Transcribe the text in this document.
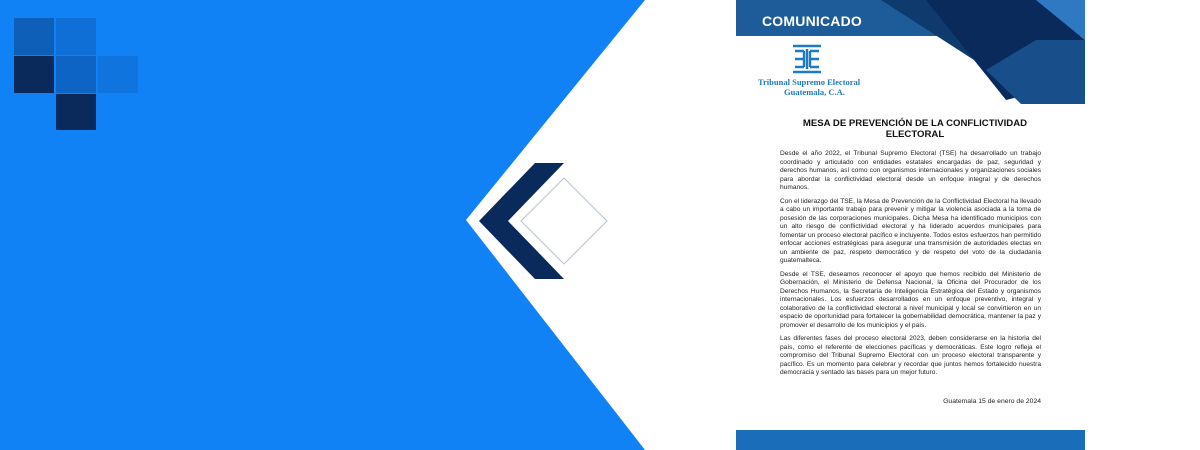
COMUNICADO
Tribunal Supremo Electoral
Guatemala, C.A.
MESA DE PREVENCIÓN DE LA CONFLICTIVIDAD ELECTORAL

Desde el año 2022, el Tribunal Supremo Electoral (TSE) ha desarrollado un trabajo coordinado y articulado con entidades estatales encargadas de paz, seguridad y derechos humanos, así como con organismos internacionales y organizaciones sociales para abordar la conflictividad electoral desde un enfoque integral y de derechos humanos.

Con el liderazgo del TSE, la Mesa de Prevención de la Conflictividad Electoral ha llevado a cabo un importante trabajo para prevenir y mitigar la violencia asociada a la toma de posesión de las corporaciones municipales. Dicha Mesa ha identificado municipios con un alto riesgo de conflictividad electoral y ha liderado acuerdos municipales para fomentar un proceso electoral pacífico e incluyente. Todos estos esfuerzos han permitido enfocar acciones estratégicas para asegurar una transmisión de autoridades electas en un ambiente de paz, respeto democrático y de respeto del voto de la ciudadanía guatemalteca.

Desde el TSE, deseamos reconocer el apoyo que hemos recibido del Ministerio de Gobernación, el Ministerio de Defensa Nacional, la Oficina del Procurador de los Derechos Humanos, la Secretaría de Inteligencia Estratégica del Estado y organismos internacionales. Los esfuerzos desarrollados en un enfoque preventivo, integral y colaborativo de la conflictividad electoral a nivel municipal y local se convirtieron en un espacio de oportunidad para fortalecer la gobernabilidad democrática, mantener la paz y promover el desarrollo de los municipios y el país.

Las diferentes fases del proceso electoral 2023, deben considerarse en la historia del país, como el referente de elecciones pacíficas y democráticas. Este logro refleja el compromiso del Tribunal Supremo Electoral con un proceso electoral transparente y pacífico. Es un momento para celebrar y recordar que juntos hemos fortalecido nuestra democracia y sentado las bases para un mejor futuro.

Guatemala 15 de enero de 2024
